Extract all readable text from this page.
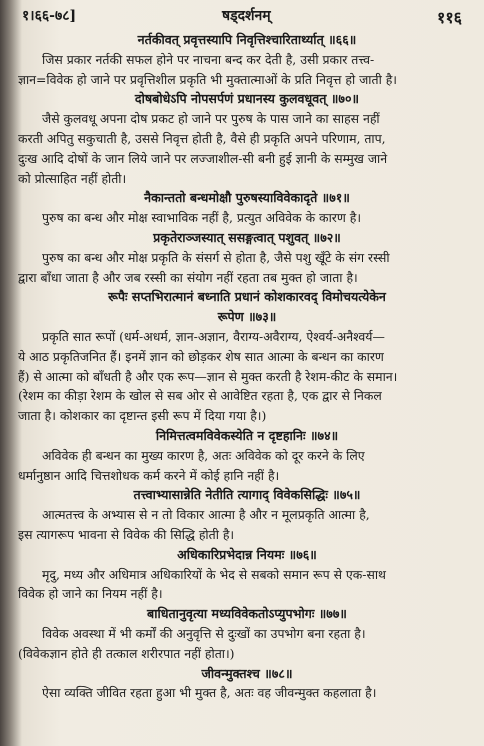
१।६६-७८]	षड्दर्शनम्	११६
नर्तकीवत् प्रवृत्तस्यापि निवृत्तिश्चारितार्थ्यात् ॥६६॥
जिस प्रकार नर्तकी सफल होने पर नाचना बन्द कर देती है, उसी प्रकार तत्त्व-
ज्ञान=विवेक हो जाने पर प्रवृत्तिशील प्रकृति भी मुक्तात्माओं के प्रति निवृत्त हो जाती है।
दोषबोधेऽपि नोपसर्पणं प्रधानस्य कुलवधूवत् ॥७०॥
जैसे कुलवधू अपना दोष प्रकट हो जाने पर पुरुष के पास जाने का साहस नहीं
करती अपितु सकुचाती है, उससे निवृत्त होती है, वैसे ही प्रकृति अपने परिणाम, ताप,
दुःख आदि दोषों के जान लिये जाने पर लज्जाशील-सी बनी हुई ज्ञानी के सम्मुख जाने
को प्रोत्साहित नहीं होती।
नैकान्ततो बन्धमोक्षौ पुरुषस्याविवेकादृते ॥७१॥
पुरुष का बन्ध और मोक्ष स्वाभाविक नहीं है, प्रत्युत अविवेक के कारण है।
प्रकृतेराञ्जस्यात् ससङ्गत्वात् पशुवत् ॥७२॥
पुरुष का बन्ध और मोक्ष प्रकृति के संसर्ग से होता है, जैसे पशु खूँटे के संग रस्सी
द्वारा बाँधा जाता है और जब रस्सी का संयोग नहीं रहता तब मुक्त हो जाता है।
रूपैः सप्तभिरात्मानं बध्नाति प्रधानं कोशकारवद् विमोचयत्येकेन
रूपेण ॥७३॥
प्रकृति सात रूपों (धर्म-अधर्म, ज्ञान-अज्ञान, वैराग्य-अवैराग्य, ऐश्वर्य-अनैश्वर्य—
ये आठ प्रकृतिजनित हैं। इनमें ज्ञान को छोड़कर शेष सात आत्मा के बन्धन का कारण
हैं) से आत्मा को बाँधती है और एक रूप—ज्ञान से मुक्त करती है रेशम-कीट के समान।
(रेशम का कीड़ा रेशम के खोल से सब ओर से आवेष्टित रहता है, एक द्वार से निकल
जाता है। कोशकार का दृष्टान्त इसी रूप में दिया गया है।)
निमित्तत्वमविवेकस्येति न दृष्टहानिः ॥७४॥
अविवेक ही बन्धन का मुख्य कारण है, अतः अविवेक को दूर करने के लिए
धर्मानुष्ठान आदि चित्तशोधक कर्म करने में कोई हानि नहीं है।
तत्त्वाभ्यासान्नेति नेतीति त्यागाद् विवेकसिद्धिः ॥७५॥
आत्मतत्त्व के अभ्यास से न तो विकार आत्मा है और न मूलप्रकृति आत्मा है,
इस त्यागरूप भावना से विवेक की सिद्धि होती है।
अधिकारिप्रभेदान्न नियमः ॥७६॥
मृदु, मध्य और अधिमात्र अधिकारियों के भेद से सबको समान रूप से एक-साथ
विवेक हो जाने का नियम नहीं है।
बाधितानुवृत्या मध्यविवेकतोऽप्युपभोगः ॥७७॥
विवेक अवस्था में भी कर्मों की अनुवृत्ति से दुःखों का उपभोग बना रहता है।
(विवेकज्ञान होते ही तत्काल शरीरपात नहीं होता।)
जीवन्मुक्तश्च ॥७८॥
ऐसा व्यक्ति जीवित रहता हुआ भी मुक्त है, अतः वह जीवन्मुक्त कहलाता है।
